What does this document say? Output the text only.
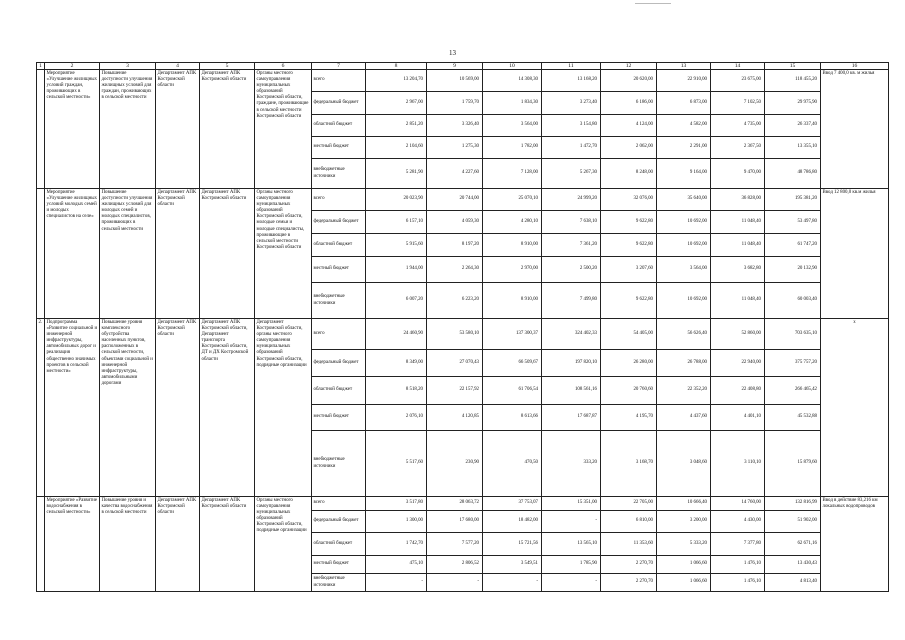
13
1	2	3	4	5	6	7	8	9	10	11	12	13	14	15	16
	Мероприятие «Улучшение жилищных условий граждан, проживающих в сельской местности»	Повышение доступности улучшения жилищных условий для граждан, проживающих в сельской местности	Департамент АПК Костромской области	Департамент АПК Костромской области	Органы местного самоуправления муниципальных образований Костромской области, граждане, проживающие в сельской местности Костромской области	всего	13 204,70	10 569,00	14 308,30	13 168,20	20 620,00	22 910,00	23 675,00	118 455,20	Ввод 7 400,0 кв. м жилья
						федеральный бюджет	2 967,00	1 759,70	1 834,30	3 273,40	6 186,00	6 873,00	7 102,50	29 975,90	
						областной бюджет	2 851,20	3 326,40	3 564,00	3 154,80	4 124,00	4 582,00	4 735,00	26 337,40	
						местный бюджет	2 104,60	1 275,30	1 782,00	1 472,70	2 062,00	2 291,00	2 367,50	13 355,10	
						внебюджетные источники	5 281,90	4 227,60	7 128,00	5 267,30	8 248,00	9 164,00	9 470,00	48 786,80	
	Мероприятие «Улучшение жилищных условий молодых семей и молодых специалистов на селе»	Повышение доступности улучшения жилищных условий для молодых семей и молодых специалистов, проживающих в сельской местности	Департамент АПК Костромской области	Департамент АПК Костромской области	Органы местного самоуправления муниципальных образований Костромской области, молодые семьи и молодые специалисты, проживающие в сельской местности Костромской области	всего	20 023,90	20 744,00	25 070,10	24 999,20	32 076,00	35 640,00	36 828,00	195 381,20	Ввод 12 800,0 кв.м жилья
						федеральный бюджет	6 157,10	4 059,30	4 280,10	7 638,10	9 622,80	10 692,00	11 048,40	53 497,80	
						областной бюджет	5 915,60	8 197,20	8 910,00	7 361,20	9 622,80	10 692,00	11 048,40	61 747,20	
						местный бюджет	1 944,00	2 264,30	2 970,00	2 500,20	3 207,60	3 564,00	3 682,80	20 132,90	
						внебюджетные источники	6 007,20	6 223,20	8 910,00	7 499,80	9 622,80	10 692,00	11 048,40	60 003,40	
2.	Подпрограмма «Развитие социальной и инженерной инфраструктуры, автомобильных дорог и реализация общественно значимых проектов в сельской местности»	Повышение уровня комплексного обустройства населенных пунктов, расположенных в сельской местности, объектами социальной и инженерной инфраструктуры, автомобильными дорогами	Департамент АПК Костромской области	Департамент АПК Костромской области, Департамент транспорта Костромской области, ДТ и ДХ Костромской области	Департамент Костромской области, органы местного самоуправления муниципальных образований Костромской области, подрядные организации	всего	24 460,90	53 580,10	137 300,37	324 402,33	54 405,00	56 626,40	52 860,00	703 635,10	х
						федеральный бюджет	8 349,00	27 070,43	66 509,67	197 820,10	26 280,00	26 788,00	22 940,00	375 757,20	
						областной бюджет	8 518,20	22 157,92	61 706,54	108 561,16	20 760,60	22 352,20	22 408,80	266 465,42	
						местный бюджет	2 076,10	4 120,85	8 613,66	17 687,87	4 195,70	4 437,60	4 401,10	45 532,88	
						внебюджетные источники	5 517,60	230,90	470,50	333,20	3 168,70	3 048,60	3 110,10	15 879,60	
	Мероприятие «Развитие водоснабжения в сельской местности»	Повышение уровня и качества водоснабжения в сельской местности	Департамент АПК Костромской области	Департамент АПК Костромской области	Органы местного самоуправления муниципальных образований Костромской области, подрядные организации	всего	3 517,80	28 063,72	37 753,07	15 351,00	22 705,00	10 666,40	14 760,00	132 816,99	Ввод в действие 83,216 км локальных водопроводов
						федеральный бюджет	1 300,00	17 680,00	18 482,00	-	6 810,00	3 200,00	4 430,00	51 902,00	
						областной бюджет	1 742,70	7 577,20	15 721,56	13 565,10	11 353,60	5 333,20	7 377,80	62 671,16	
						местный бюджет	475,10	2 806,52	3 549,51	1 785,90	2 270,70	1 066,60	1 476,10	13 430,43	
						внебюджетные источники	-	-	-	-	2 270,70	1 066,60	1 476,10	4 813,40	
